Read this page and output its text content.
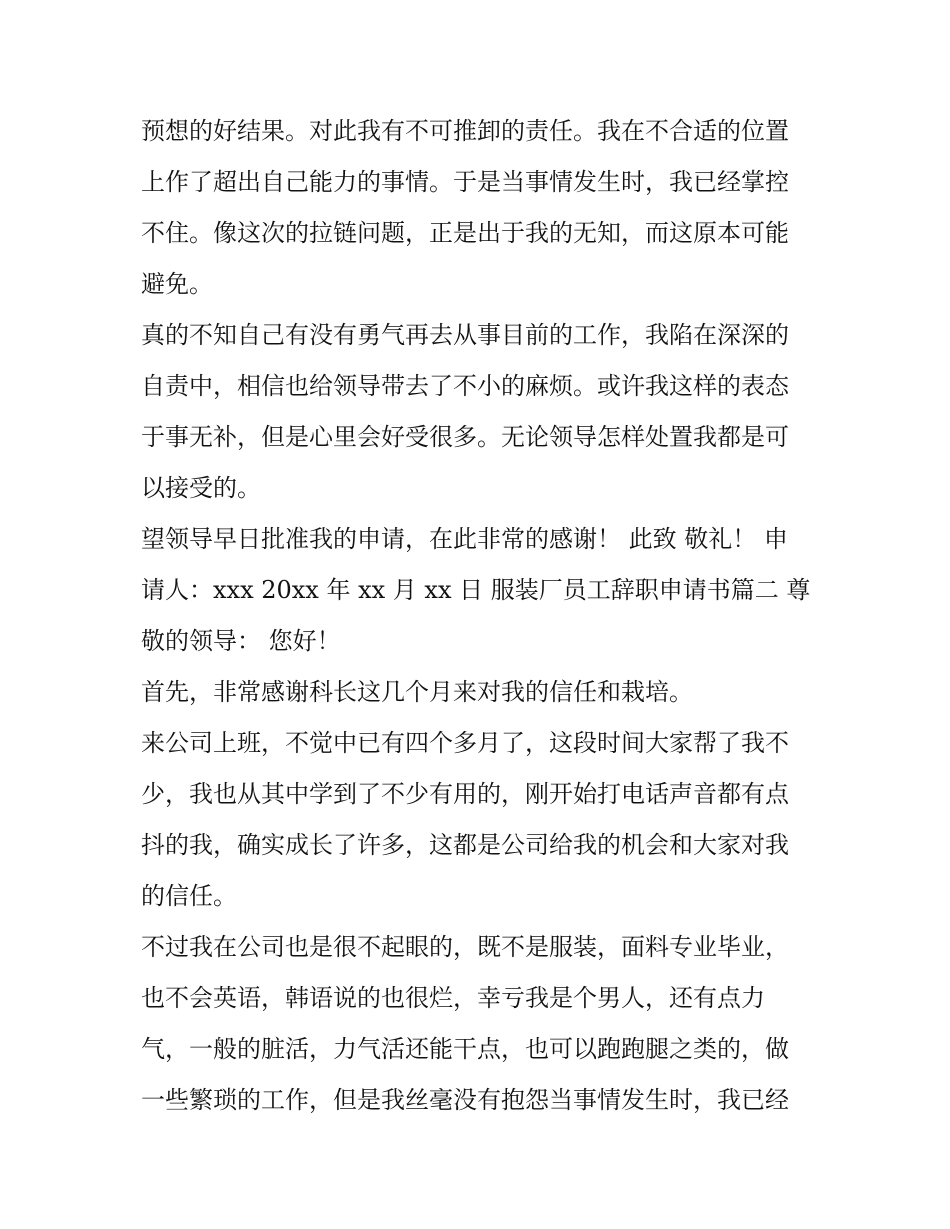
预想的好结果。对此我有不可推卸的责任。我在不合适的位置
上作了超出自己能力的事情。于是当事情发生时，我已经掌控
不住。像这次的拉链问题，正是出于我的无知，而这原本可能
避免。
真的不知自己有没有勇气再去从事目前的工作，我陷在深深的
自责中，相信也给领导带去了不小的麻烦。或许我这样的表态
于事无补，但是心里会好受很多。无论领导怎样处置我都是可
以接受的。
望领导早日批准我的申请，在此非常的感谢！ 此致 敬礼！ 申
请人：xxx 20xx 年 xx 月 xx 日 服装厂员工辞职申请书篇二 尊
敬的领导： 您好！
首先，非常感谢科长这几个月来对我的信任和栽培。
来公司上班，不觉中已有四个多月了，这段时间大家帮了我不
少，我也从其中学到了不少有用的，刚开始打电话声音都有点
抖的我，确实成长了许多，这都是公司给我的机会和大家对我
的信任。
不过我在公司也是很不起眼的，既不是服装，面料专业毕业，
也不会英语，韩语说的也很烂，幸亏我是个男人，还有点力
气，一般的脏活，力气活还能干点，也可以跑跑腿之类的，做
一些繁琐的工作，但是我丝毫没有抱怨当事情发生时，我已经
